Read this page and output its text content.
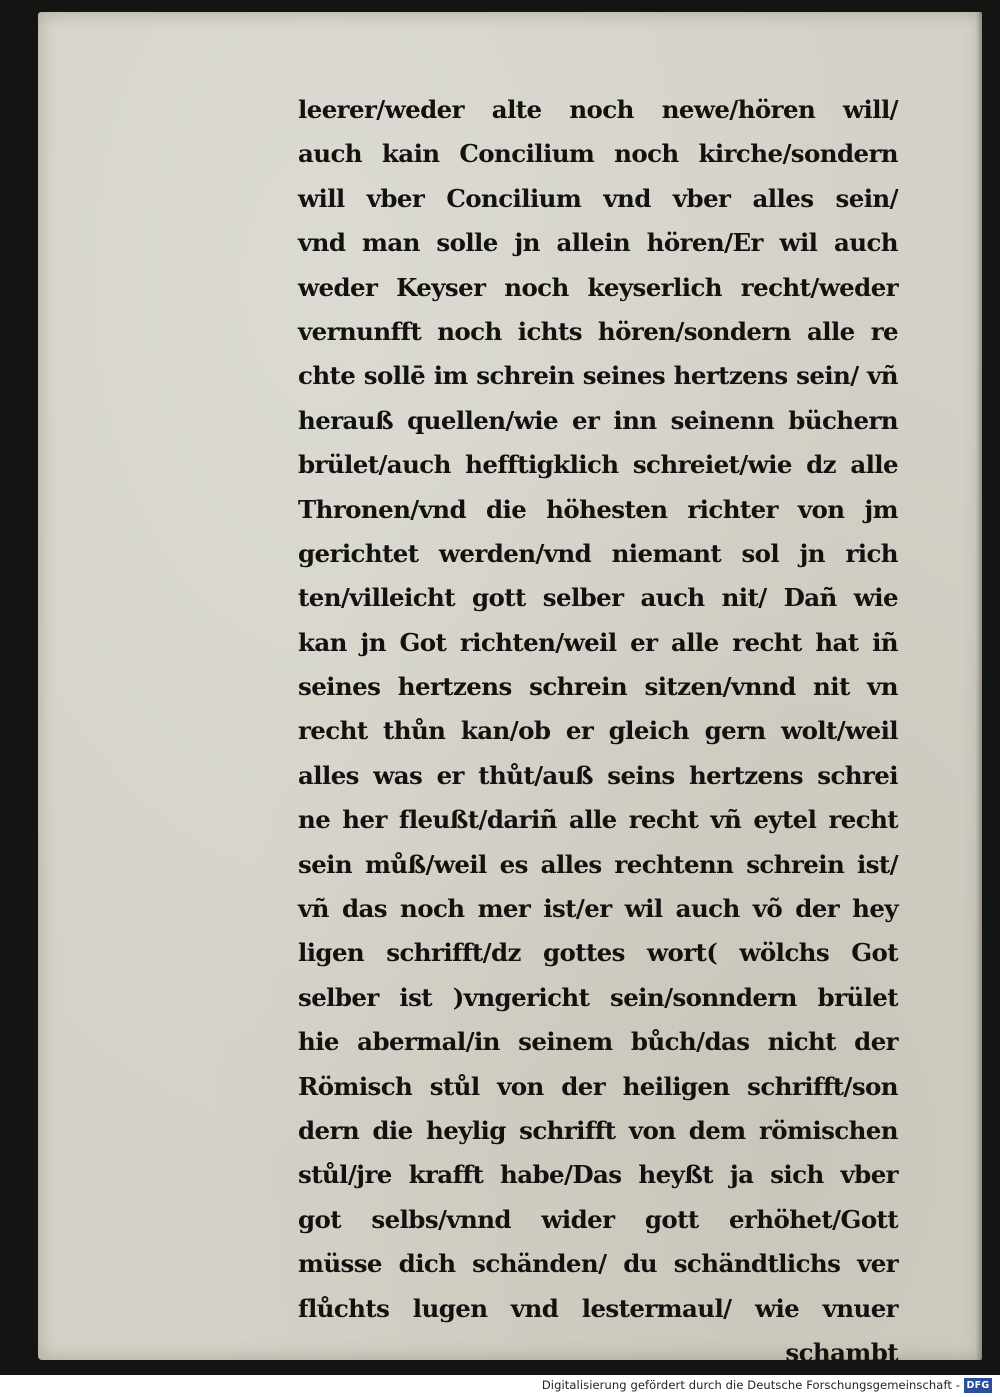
leerer/weder alte noch newe/hören will/
auch kain Concilium noch kirche/sondern
will vber Concilium vnd vber alles sein/
vnd man solle jn allein hören/Er wil auch
weder Keyser noch keyserlich recht/weder
vernunfft noch ichts hören/sondern alle re
chte sollē im schrein seines hertzens sein/ vñ
herauß quellen/wie er inn seinenn büchern
brület/auch hefftigklich schreiet/wie dz alle
Thronen/vnd die höhesten richter von jm
gerichtet werden/vnd niemant sol jn rich
ten/villeicht gott selber auch nit/ Dañ wie
kan jn Got richten/weil er alle recht hat iñ
seines hertzens schrein sitzen/vnnd nit vn
recht thůn kan/ob er gleich gern wolt/weil
alles was er thůt/auß seins hertzens schrei
ne her fleußt/dariñ alle recht vñ eytel recht
sein můß/weil es alles rechtenn schrein ist/
vñ das noch mer ist/er wil auch võ der hey
ligen schrifft/dz gottes wort( wölchs Got
selber ist )vngericht sein/sonndern brület
hie abermal/in seinem bůch/das nicht der
Römisch stůl von der heiligen schrifft/son
dern die heylig schrifft von dem römischen
stůl/jre krafft habe/Das heyßt ja sich vber
got selbs/vnnd wider gott erhöhet/Gott
müsse dich schänden/ du schändtlichs ver
flůchts lugen vnd lestermaul/ wie vnuer
schambt
Digitalisierung gefördert durch die Deutsche Forschungsgemeinschaft - DFG
